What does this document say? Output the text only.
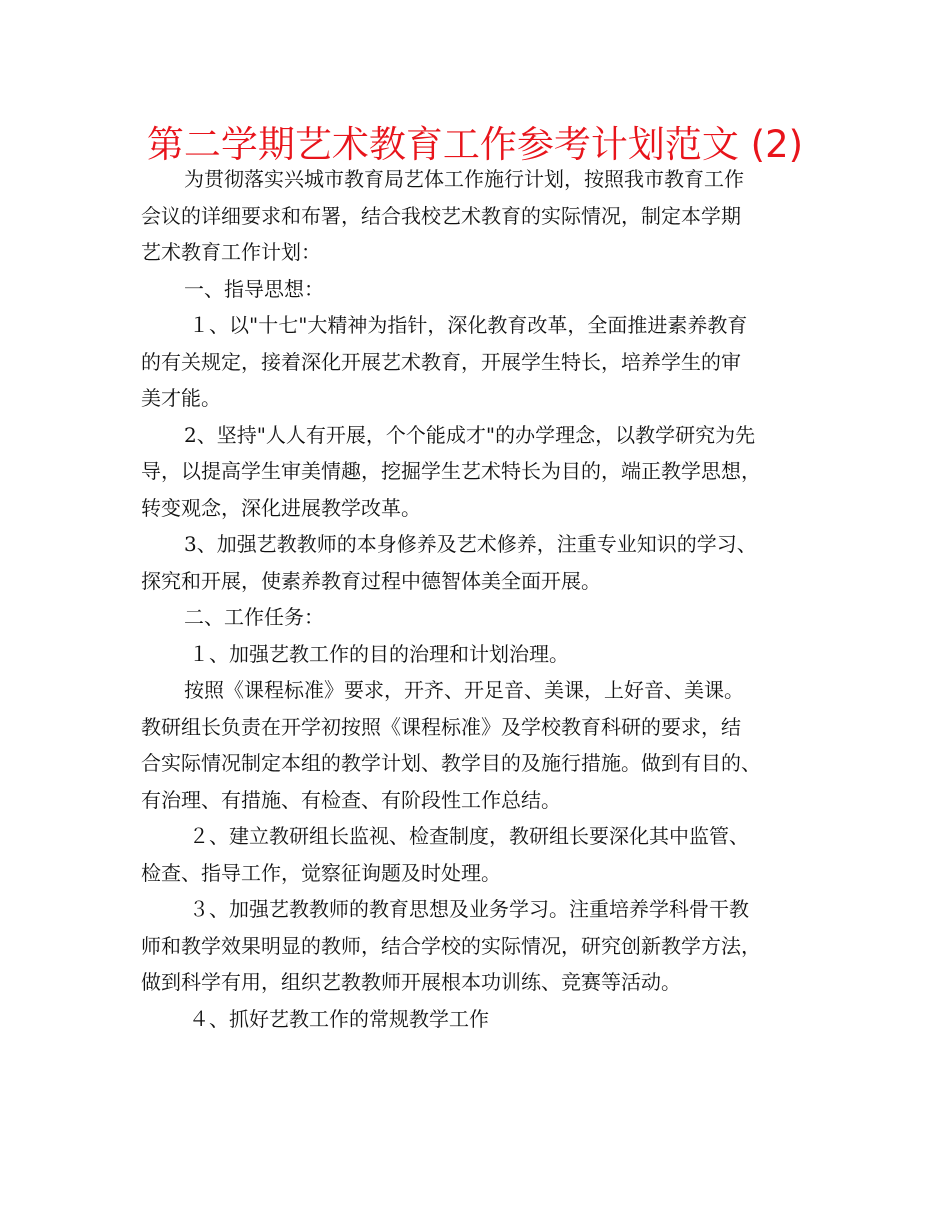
第二学期艺术教育工作参考计划范文 (2)
为贯彻落实兴城市教育局艺体工作施行计划，按照我市教育工作
会议的详细要求和布署，结合我校艺术教育的实际情况，制定本学期
艺术教育工作计划：
一、指导思想：
１、以"十七"大精神为指针，深化教育改革，全面推进素养教育
的有关规定，接着深化开展艺术教育，开展学生特长，培养学生的审
美才能。
2、坚持"人人有开展，个个能成才"的办学理念，以教学研究为先
导，以提高学生审美情趣，挖掘学生艺术特长为目的，端正教学思想，
转变观念，深化进展教学改革。
3、加强艺教教师的本身修养及艺术修养，注重专业知识的学习、
探究和开展，使素养教育过程中德智体美全面开展。
二、工作任务：
１、加强艺教工作的目的治理和计划治理。
按照《课程标准》要求，开齐、开足音、美课，上好音、美课。
教研组长负责在开学初按照《课程标准》及学校教育科研的要求，结
合实际情况制定本组的教学计划、教学目的及施行措施。做到有目的、
有治理、有措施、有检查、有阶段性工作总结。
２、建立教研组长监视、检查制度，教研组长要深化其中监管、
检查、指导工作，觉察征询题及时处理。
３、加强艺教教师的教育思想及业务学习。注重培养学科骨干教
师和教学效果明显的教师，结合学校的实际情况，研究创新教学方法，
做到科学有用，组织艺教教师开展根本功训练、竞赛等活动。
４、抓好艺教工作的常规教学工作
